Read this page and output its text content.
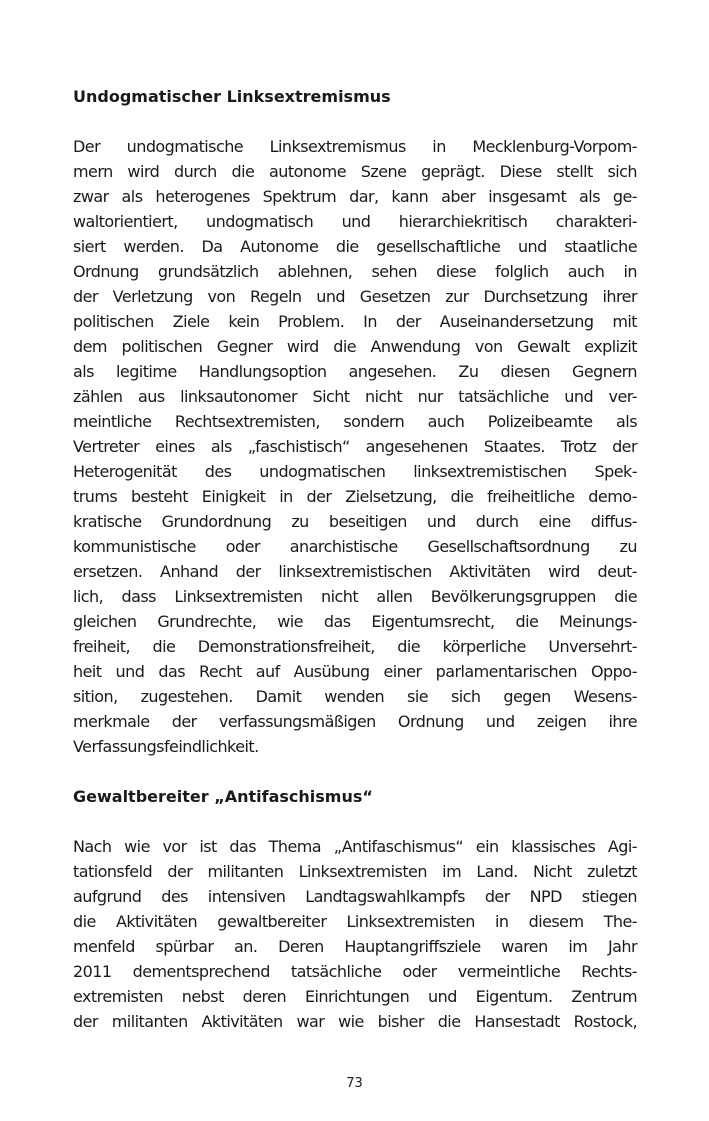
Undogmatischer Linksextremismus
Der undogmatische Linksextremismus in Mecklenburg-Vorpom-
mern wird durch die autonome Szene geprägt. Diese stellt sich
zwar als heterogenes Spektrum dar, kann aber insgesamt als ge-
waltorientiert, undogmatisch und hierarchiekritisch charakteri-
siert werden. Da Autonome die gesellschaftliche und staatliche
Ordnung grundsätzlich ablehnen, sehen diese folglich auch in
der Verletzung von Regeln und Gesetzen zur Durchsetzung ihrer
politischen Ziele kein Problem. In der Auseinandersetzung mit
dem politischen Gegner wird die Anwendung von Gewalt explizit
als legitime Handlungsoption angesehen. Zu diesen Gegnern
zählen aus linksautonomer Sicht nicht nur tatsächliche und ver-
meintliche Rechtsextremisten, sondern auch Polizeibeamte als
Vertreter eines als „faschistisch“ angesehenen Staates. Trotz der
Heterogenität des undogmatischen linksextremistischen Spek-
trums besteht Einigkeit in der Zielsetzung, die freiheitliche demo-
kratische Grundordnung zu beseitigen und durch eine diffus-
kommunistische oder anarchistische Gesellschaftsordnung zu
ersetzen. Anhand der linksextremistischen Aktivitäten wird deut-
lich, dass Linksextremisten nicht allen Bevölkerungsgruppen die
gleichen Grundrechte, wie das Eigentumsrecht, die Meinungs-
freiheit, die Demonstrationsfreiheit, die körperliche Unversehrt-
heit und das Recht auf Ausübung einer parlamentarischen Oppo-
sition, zugestehen. Damit wenden sie sich gegen Wesens-
merkmale der verfassungsmäßigen Ordnung und zeigen ihre
Verfassungsfeindlichkeit.
Gewaltbereiter „Antifaschismus“
Nach wie vor ist das Thema „Antifaschismus“ ein klassisches Agi-
tationsfeld der militanten Linksextremisten im Land. Nicht zuletzt
aufgrund des intensiven Landtagswahlkampfs der NPD stiegen
die Aktivitäten gewaltbereiter Linksextremisten in diesem The-
menfeld spürbar an. Deren Hauptangriffsziele waren im Jahr
2011 dementsprechend tatsächliche oder vermeintliche Rechts-
extremisten nebst deren Einrichtungen und Eigentum. Zentrum
der militanten Aktivitäten war wie bisher die Hansestadt Rostock,
73
